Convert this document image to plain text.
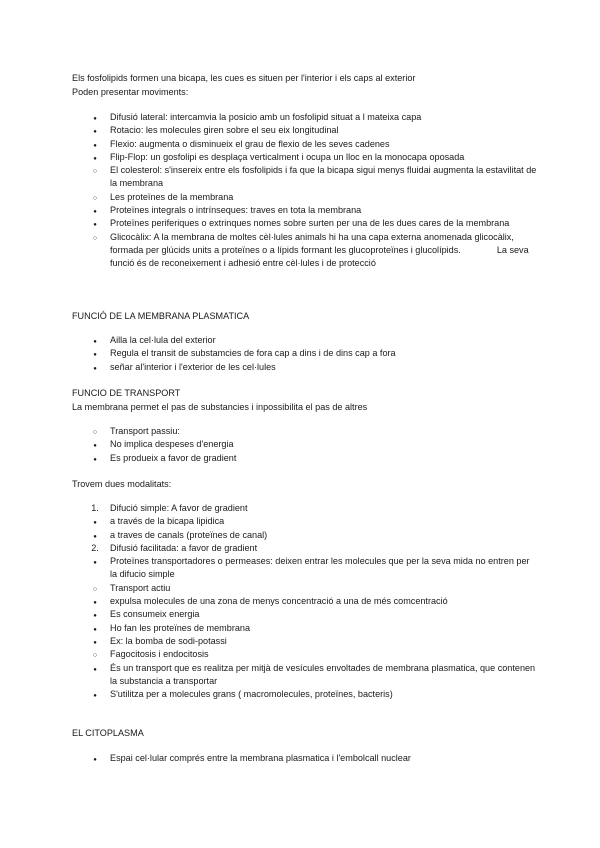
Els fosfolipids formen una bicapa, les cues es situen per l'interior i els caps al exterior

Poden presentar moviments:

●
Difusió lateral: intercamvia la posicio amb un fosfolipid situat a l mateixa capa
●
Rotacio: les molecules giren sobre el seu eix longitudinal
●
Flexio: augmenta o disminueix el grau de flexio de les seves cadenes
●
Flip-Flop: un gosfolipi es desplaça verticalment i ocupa un lloc en la monocapa oposada
○
El colesterol: s'insereix entre els fosfolipids i fa que la bicapa sigui menys fluidai augmenta la estavilitat de la membrana
○
Les proteïnes de la membrana
●
Proteïnes integrals o intrínseques: traves en tota la membrana
●
Proteïnes periferiques o extrinques nomes sobre surten per una de les dues cares de la membrana
○
Glicocàlix: A la membrana de moltes cèl·lules animals hi ha una capa externa anomenada glicocàlix, formada per glúcids units a proteïnes o a lípids formant les glucoproteïnes i glucolípids.	La seva funció és de reconeixement i adhesió entre cèl·lules i de protecció

FUNCIÓ DE LA MEMBRANA PLASMATICA

●
Ailla la cel·lula del exterior
●
Regula el transit de substamcies de fora cap a dins i de dins cap a fora
●
señar al'interior i l'exterior de les cel·lules

FUNCIO DE TRANSPORT

La membrana permet el pas de substancies i inpossibilita el pas de altres

○
Transport passiu:
●
No implica despeses d'energia
●
Es produeix a favor de gradient

Trovem dues modalitats:

1.	Difució simple: A favor de gradient
●
a través de la bicapa lipidica
●
a traves de canals (proteïnes de canal)
2.	Difusió facilitada: a favor de gradient
●
Proteïnes transportadores o permeases: deixen entrar les molecules que per la seva mida no entren per la difucio simple
○
Transport actiu
●
expulsa molecules de una zona de menys concentració a una de més comcentració
●
Es consumeix energia
●
Ho fan les proteïnes de membrana
●
Ex: la bomba de sodi-potassi
○
Fagocitosis i endocitosis
●
És un transport que es realitza per mitjà de vesícules envoltades de membrana plasmatica, que contenen la substancia a transportar
●
S'utilitza per a molecules grans ( macromolecules, proteïnes, bacteris)

EL CITOPLASMA

●
Espai cel·lular comprés entre la membrana plasmatica i l'embolcall nuclear
